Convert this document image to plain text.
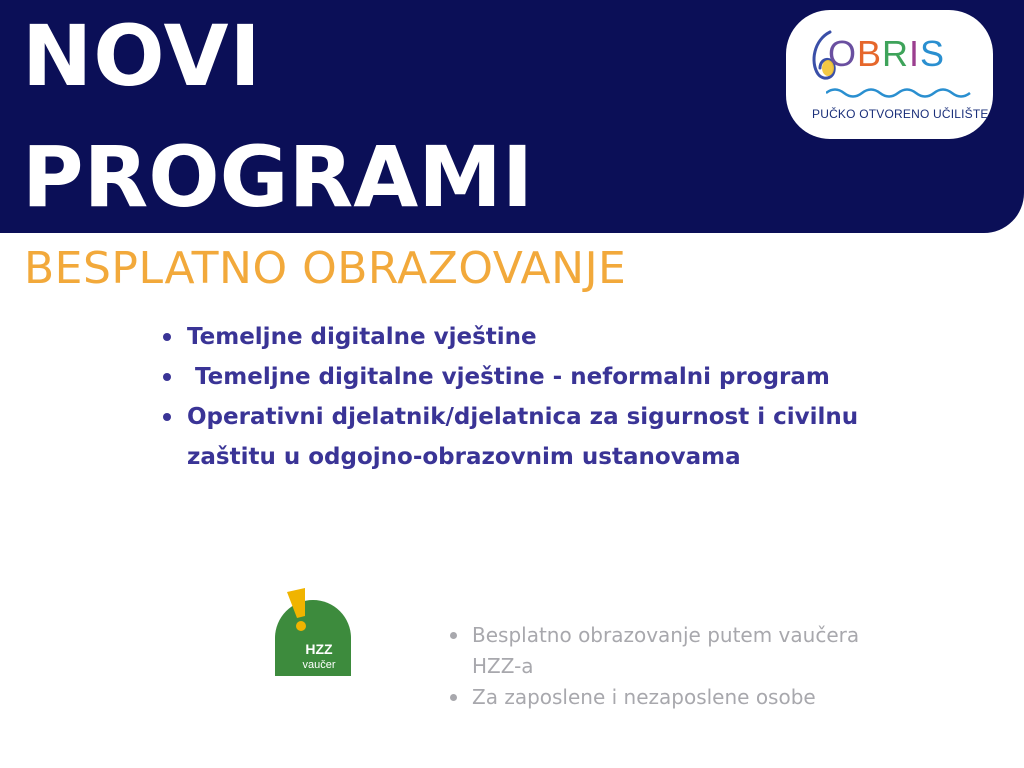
NOVI
PROGRAMI
OBRIS
PUČKO OTVORENO UČILIŠTE
BESPLATNO OBRAZOVANJE
Temeljne digitalne vještine
Temeljne digitalne vještine - neformalni program
Operativni djelatnik/djelatnica za sigurnost i civilnu zaštitu u odgojno-obrazovnim ustanovama
HZZ
vaučer
Besplatno obrazovanje putem vaučera HZZ-a
Za zaposlene i nezaposlene osobe
